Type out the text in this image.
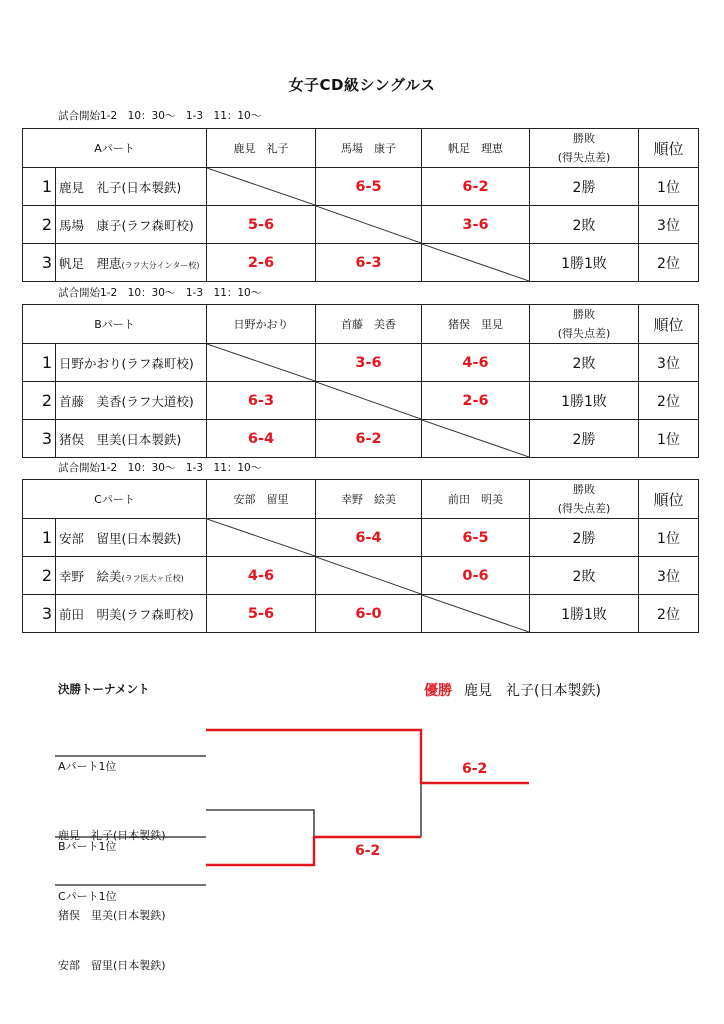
女子CD級シングルス
試合開始1-2　10：30～　1-3　11：10～
Aパート		鹿見　礼子	馬場　康子	帆足　理恵	勝敗
(得失点差)	順位
1	鹿見　礼子(日本製鉄)		6-5	6-2	2勝	1位
2	馬場　康子(ラフ森町校)	5-6		3-6	2敗	3位
3	帆足　理恵(ラフ大分インター校)	2-6	6-3		1勝1敗	2位
試合開始1-2　10：30～　1-3　11：10～
Bパート		日野かおり	首藤　美香	猪俣　里見	勝敗
(得失点差)	順位
1	日野かおり(ラフ森町校)		3-6	4-6	2敗	3位
2	首藤　美香(ラフ大道校)	6-3		2-6	1勝1敗	2位
3	猪俣　里美(日本製鉄)	6-4	6-2		2勝	1位
試合開始1-2　10：30～　1-3　11：10～
Cパート		安部　留里	幸野　絵美	前田　明美	勝敗
(得失点差)	順位
1	安部　留里(日本製鉄)		6-4	6-5	2勝	1位
2	幸野　絵美(ラフ医大ヶ丘校)	4-6		0-6	2敗	3位
3	前田　明美(ラフ森町校)	5-6	6-0		1勝1敗	2位
決勝トーナメント	優勝 鹿見　礼子(日本製鉄)

Aパート1位

鹿見　礼子(日本製鉄)

Bパート1位

猪俣　里美(日本製鉄)

Cパート1位

安部　留里(日本製鉄)

6-2
6-2
